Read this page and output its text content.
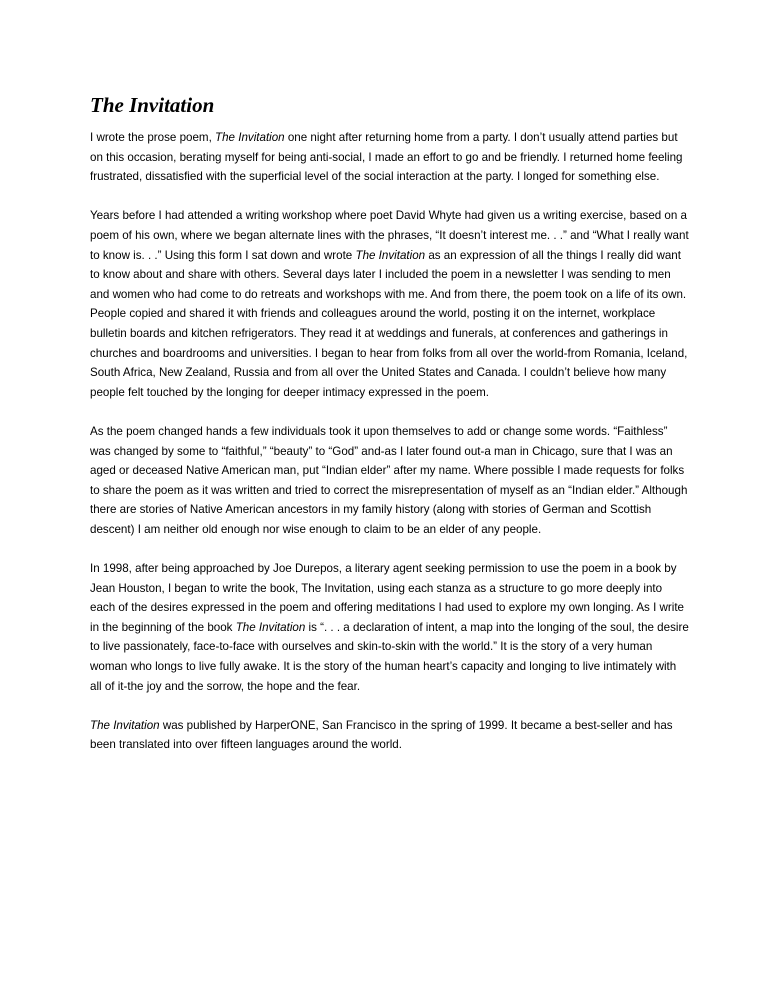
The Invitation

I wrote the prose poem, The Invitation one night after returning home from a party. I don’t usually attend parties but on this occasion, berating myself for being anti-social, I made an effort to go and be friendly. I returned home feeling frustrated, dissatisfied with the superficial level of the social interaction at the party. I longed for something else.

Years before I had attended a writing workshop where poet David Whyte had given us a writing exercise, based on a poem of his own, where we began alternate lines with the phrases, “It doesn’t interest me. . .” and “What I really want to know is. . .” Using this form I sat down and wrote The Invitation as an expression of all the things I really did want to know about and share with others. Several days later I included the poem in a newsletter I was sending to men and women who had come to do retreats and workshops with me. And from there, the poem took on a life of its own. People copied and shared it with friends and colleagues around the world, posting it on the internet, workplace bulletin boards and kitchen refrigerators. They read it at weddings and funerals, at conferences and gatherings in churches and boardrooms and universities. I began to hear from folks from all over the world-from Romania, Iceland, South Africa, New Zealand, Russia and from all over the United States and Canada. I couldn’t believe how many people felt touched by the longing for deeper intimacy expressed in the poem.

As the poem changed hands a few individuals took it upon themselves to add or change some words. “Faithless” was changed by some to “faithful,” “beauty” to “God” and-as I later found out-a man in Chicago, sure that I was an aged or deceased Native American man, put “Indian elder” after my name. Where possible I made requests for folks to share the poem as it was written and tried to correct the misrepresentation of myself as an “Indian elder.” Although there are stories of Native American ancestors in my family history (along with stories of German and Scottish descent) I am neither old enough nor wise enough to claim to be an elder of any people.

In 1998, after being approached by Joe Durepos, a literary agent seeking permission to use the poem in a book by Jean Houston, I began to write the book, The Invitation, using each stanza as a structure to go more deeply into each of the desires expressed in the poem and offering meditations I had used to explore my own longing. As I write in the beginning of the book The Invitation is “. . . a declaration of intent, a map into the longing of the soul, the desire to live passionately, face-to-face with ourselves and skin-to-skin with the world.” It is the story of a very human woman who longs to live fully awake. It is the story of the human heart’s capacity and longing to live intimately with all of it-the joy and the sorrow, the hope and the fear.

The Invitation was published by HarperONE, San Francisco in the spring of 1999. It became a best-seller and has been translated into over fifteen languages around the world.
